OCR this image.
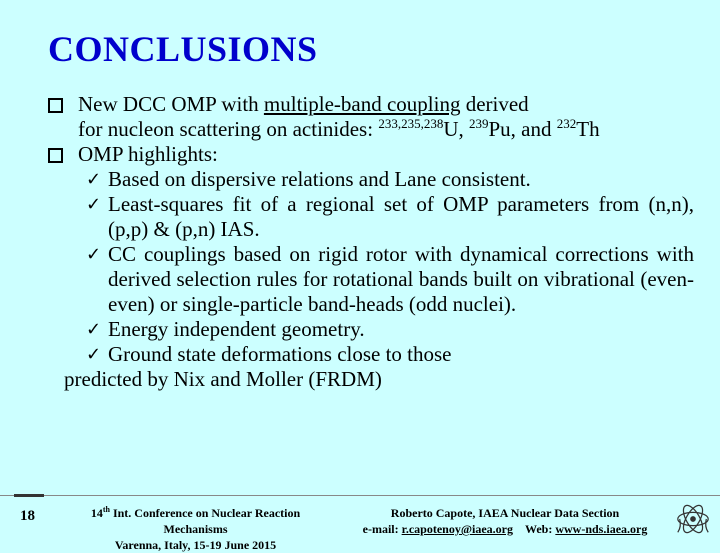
CONCLUSIONS
New DCC OMP with multiple-band coupling derived
for nucleon scattering on actinides: $^{233,235,238}$U, $^{239}$Pu, and $^{232}$Th
OMP highlights:
✓ Based on dispersive relations and Lane consistent.
✓ Least-squares fit of a regional set of OMP parameters from (n,n),(p,p) & (p,n) IAS.
✓ CC couplings based on rigid rotor with dynamical corrections with derived selection rules for rotational bands built on vibrational (even-even) or single-particle band-heads (odd nuclei).
✓ Energy independent geometry.
✓ Ground state deformations close to those
predicted by Nix and Moller (FRDM)
18	14th Int. Conference on Nuclear Reaction Mechanisms
Varenna, Italy, 15-19 June 2015
Roberto Capote, IAEA Nuclear Data Section
e-mail: r.capotenoy@iaea.org Web: www-nds.iaea.org
